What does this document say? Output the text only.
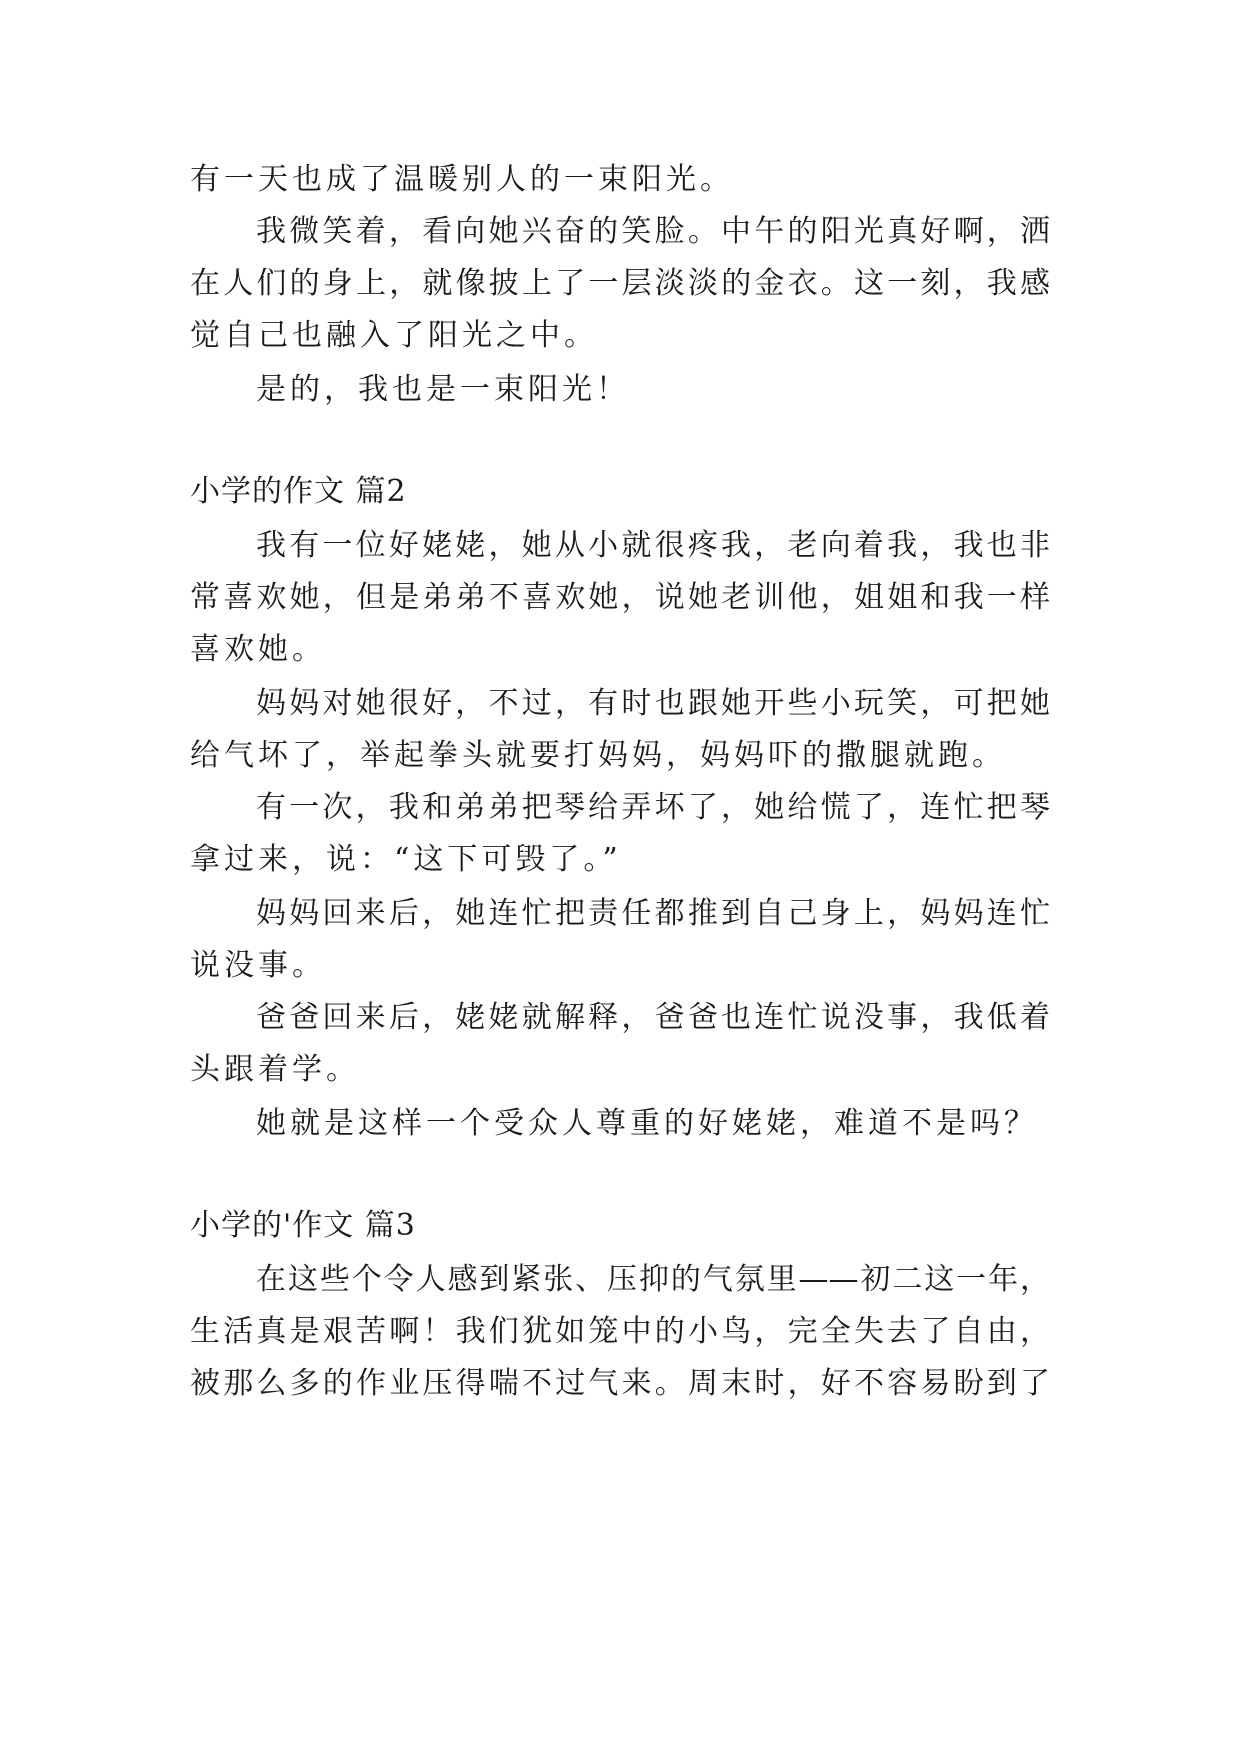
有一天也成了温暖别人的一束阳光。
我微笑着，看向她兴奋的笑脸。中午的阳光真好啊，洒
在人们的身上，就像披上了一层淡淡的金衣。这一刻，我感
觉自己也融入了阳光之中。
是的，我也是一束阳光！
小学的作文 篇2
我有一位好姥姥，她从小就很疼我，老向着我，我也非
常喜欢她，但是弟弟不喜欢她，说她老训他，姐姐和我一样
喜欢她。
妈妈对她很好，不过，有时也跟她开些小玩笑，可把她
给气坏了，举起拳头就要打妈妈，妈妈吓的撒腿就跑。
有一次，我和弟弟把琴给弄坏了，她给慌了，连忙把琴
拿过来，说：“这下可毁了。”
妈妈回来后，她连忙把责任都推到自己身上，妈妈连忙
说没事。
爸爸回来后，姥姥就解释，爸爸也连忙说没事，我低着
头跟着学。
她就是这样一个受众人尊重的好姥姥，难道不是吗？
小学的'作文 篇3
在这些个令人感到紧张、压抑的气氛里——初二这一年，
生活真是艰苦啊！我们犹如笼中的小鸟，完全失去了自由，
被那么多的作业压得喘不过气来。周末时，好不容易盼到了
